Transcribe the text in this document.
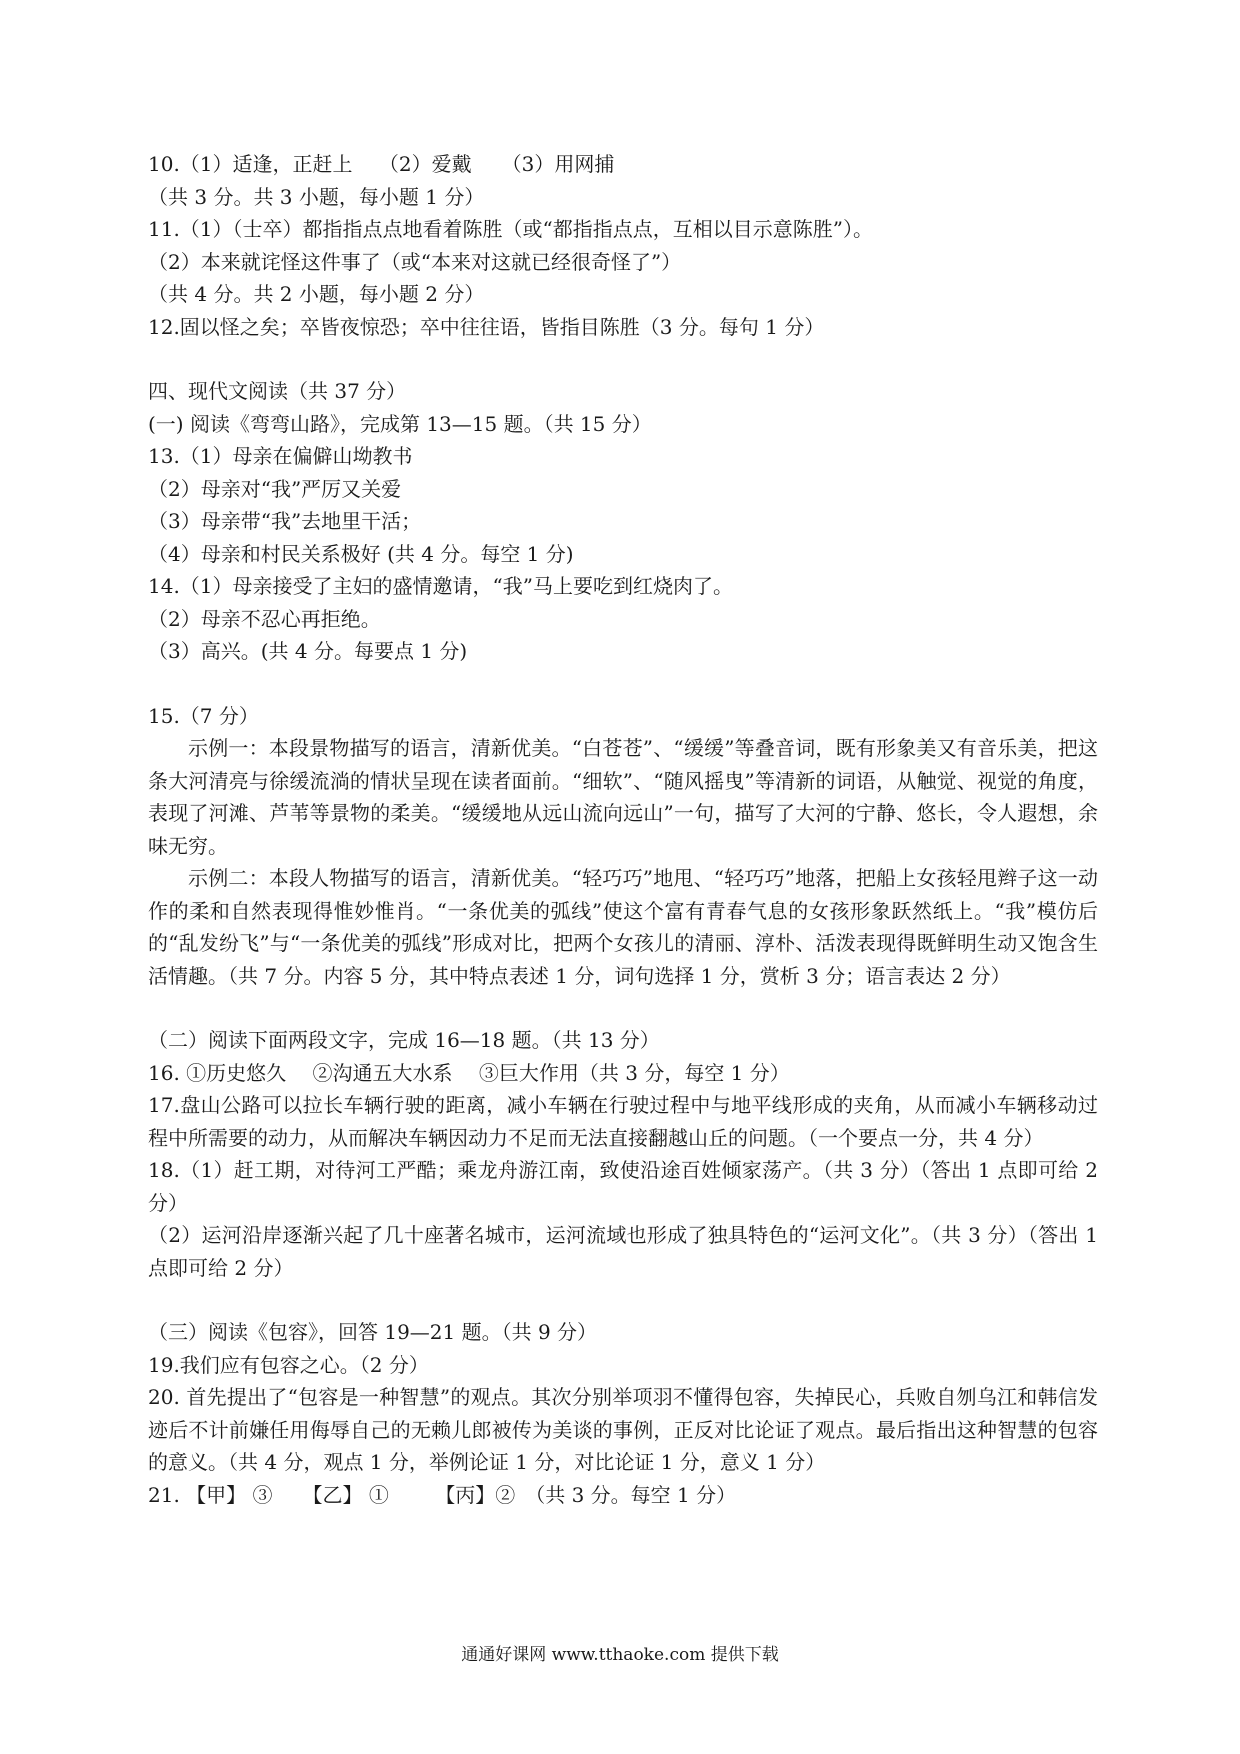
10.（1）适逢，正赶上　 （2）爱戴　　（3）用网捕

（共 3 分。共 3 小题，每小题 1 分）

11.（1）（士卒）都指指点点地看着陈胜（或“都指指点点，互相以目示意陈胜”）。

（2）本来就诧怪这件事了（或“本来对这就已经很奇怪了”）

（共 4 分。共 2 小题，每小题 2 分）

12.固以怪之矣；卒皆夜惊恐；卒中往往语，皆指目陈胜（3 分。每句 1 分）

四、现代文阅读（共 37 分）

(一) 阅读《弯弯山路》，完成第 13—15 题。（共 15 分）

13.（1）母亲在偏僻山坳教书

（2）母亲对“我”严厉又关爱

（3）母亲带“我”去地里干活；

（4）母亲和村民关系极好 (共 4 分。每空 1 分)

14.（1）母亲接受了主妇的盛情邀请，“我”马上要吃到红烧肉了。

（2）母亲不忍心再拒绝。

（3）高兴。(共 4 分。每要点 1 分)

15.（7 分）

示例一：本段景物描写的语言，清新优美。“白苍苍”、“缓缓”等叠音词，既有形象美又有音乐美，把这条大河清亮与徐缓流淌的情状呈现在读者面前。“细软”、“随风摇曳”等清新的词语，从触觉、视觉的角度，表现了河滩、芦苇等景物的柔美。“缓缓地从远山流向远山”一句，描写了大河的宁静、悠长，令人遐想，余味无穷。

示例二：本段人物描写的语言，清新优美。“轻巧巧”地甩、“轻巧巧”地落，把船上女孩轻甩辫子这一动作的柔和自然表现得惟妙惟肖。“一条优美的弧线”使这个富有青春气息的女孩形象跃然纸上。“我”模仿后的“乱发纷飞”与“一条优美的弧线”形成对比，把两个女孩儿的清丽、淳朴、活泼表现得既鲜明生动又饱含生活情趣。（共 7 分。内容 5 分，其中特点表述 1 分，词句选择 1 分，赏析 3 分；语言表达 2 分）

（二）阅读下面两段文字，完成 16—18 题。（共 13 分）

16. ①历史悠久　 ②沟通五大水系　 ③巨大作用（共 3 分，每空 1 分）

17.盘山公路可以拉长车辆行驶的距离，减小车辆在行驶过程中与地平线形成的夹角，从而减小车辆移动过程中所需要的动力，从而解决车辆因动力不足而无法直接翻越山丘的问题。（一个要点一分，共 4 分）

18.（1）赶工期，对待河工严酷；乘龙舟游江南，致使沿途百姓倾家荡产。（共 3 分）（答出 1 点即可给 2 分）

（2）运河沿岸逐渐兴起了几十座著名城市，运河流域也形成了独具特色的“运河文化”。（共 3 分）（答出 1 点即可给 2 分）

（三）阅读《包容》，回答 19—21 题。（共 9 分）

19.我们应有包容之心。（2 分）

20. 首先提出了“包容是一种智慧”的观点。其次分别举项羽不懂得包容，失掉民心，兵败自刎乌江和韩信发迹后不计前嫌任用侮辱自己的无赖儿郎被传为美谈的事例，正反对比论证了观点。最后指出这种智慧的包容的意义。（共 4 分，观点 1 分，举例论证 1 分，对比论证 1 分，意义 1 分）

21. 【甲】 ③　　【乙】 ①　　 【丙】②　（共 3 分。每空 1 分）

通通好课网 www.tthaoke.com 提供下载
